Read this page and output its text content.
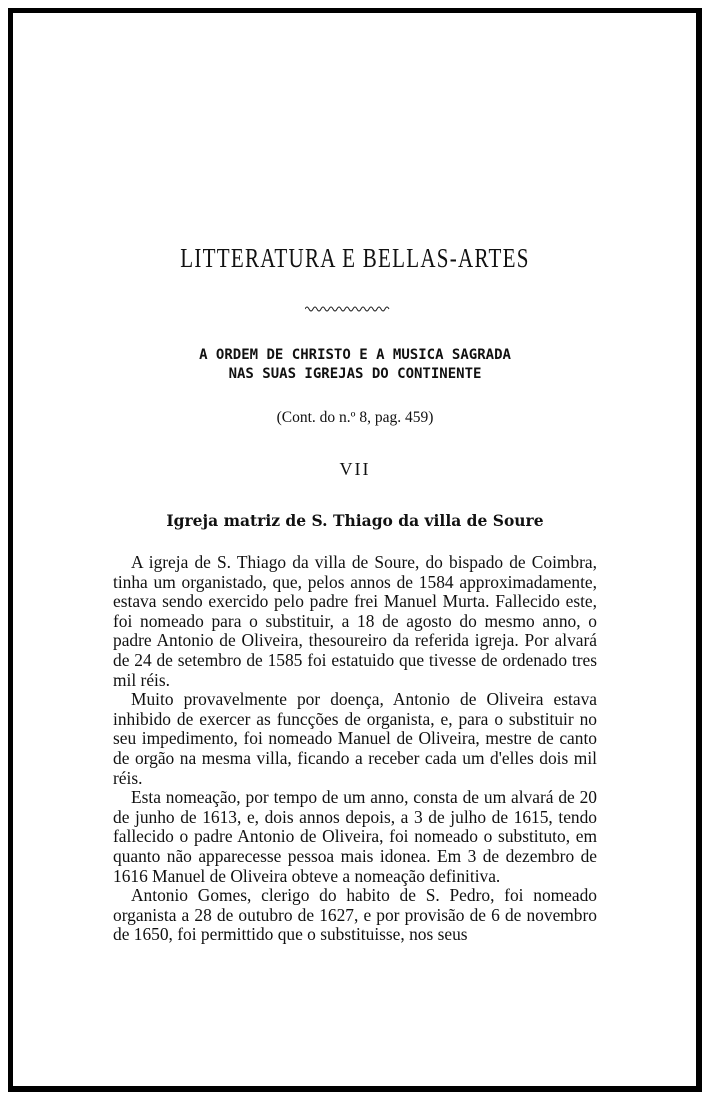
LITTERATURA E BELLAS-ARTES
A ORDEM DE CHRISTO E A MUSICA SAGRADA
NAS SUAS IGREJAS DO CONTINENTE
(Cont. do n.º 8, pag. 459)
VII
Igreja matriz de S. Thiago da villa de Soure

A igreja de S. Thiago da villa de Soure, do bispado de Coimbra, tinha um organistado, que, pelos annos de 1584 approximadamente, estava sendo exercido pelo padre frei Manuel Murta. Fallecido este, foi nomeado para o substituir, a 18 de agosto do mesmo anno, o padre Antonio de Oliveira, thesoureiro da referida igreja. Por alvará de 24 de setembro de 1585 foi estatuido que tivesse de ordenado tres mil réis.

Muito provavelmente por doença, Antonio de Oliveira estava inhibido de exercer as funcções de organista, e, para o substituir no seu impedimento, foi nomeado Manuel de Oliveira, mestre de canto de orgão na mesma villa, ficando a receber cada um d'elles dois mil réis.

Esta nomeação, por tempo de um anno, consta de um alvará de 20 de junho de 1613, e, dois annos depois, a 3 de julho de 1615, tendo fallecido o padre Antonio de Oliveira, foi nomeado o substituto, em quanto não apparecesse pessoa mais idonea. Em 3 de dezembro de 1616 Manuel de Oliveira obteve a nomeação definitiva.

Antonio Gomes, clerigo do habito de S. Pedro, foi nomeado organista a 28 de outubro de 1627, e por provisão de 6 de novembro de 1650, foi permittido que o substituisse, nos seus
